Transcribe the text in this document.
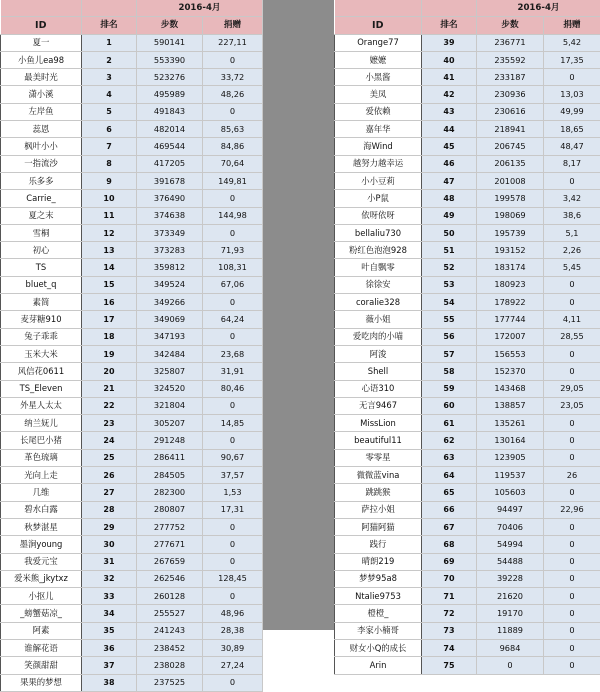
		2016-4月	
ID	排名	步数	捐赠
夏一	1	590141	227,11
小鱼儿ea98	2	553390	0
最美时光	3	523276	33,72
潇小溪	4	495989	48,26
左岸鱼	5	491843	0
蕊恩	6	482014	85,63
枫叶小小	7	469544	84,86
一指流沙	8	417205	70,64
乐多多	9	391678	149,81
Carrie_	10	376490	0
夏之末	11	374638	144,98
雪桐	12	373349	0
初心	13	373283	71,93
TS	14	359812	108,31
bluet_q	15	349524	67,06
素简	16	349266	0
麦芽糖910	17	349069	64,24
兔子乖乖	18	347193	0
玉米大米	19	342484	23,68
风信花0611	20	325807	31,91
TS_Eleven	21	324520	80,46
外星人太太	22	321804	0
纳兰妩儿	23	305207	14,85
长尾巴小猪	24	291248	0
革色琉璃	25	286411	90,67
光向上走	26	284505	37,57
几维	27	282300	1,53
碧水白露	28	280807	17,31
秋梦湛星	29	277752	0
墨涧young	30	277671	0
我爱元宝	31	267659	0
爱米熊_jkytxz	32	262546	128,45
小抠儿	33	260128	0
_螃蟹菇凉_	34	255527	48,96
阿素	35	241243	28,38
谁解花语	36	238452	30,89
笑颜甜甜	37	238028	27,24
果果的梦想	38	237525	0
		2016-4月	
ID	排名	步数	捐赠
Orange77	39	236771	5,42
嬷嬷	40	235592	17,35
小黑酱	41	233187	0
美凤	42	230936	13,03
爱依赖	43	230616	49,99
嘉年华	44	218941	18,65
海Wind	45	206745	48,47
越努力越幸运	46	206135	8,17
小小豆莉	47	201008	0
小P鼠	48	199578	3,42
依呀依呀	49	198069	38,6
bellaliu730	50	195739	5,1
粉红色泡泡928	51	193152	2,26
叶自飘零	52	183174	5,45
徐徐安	53	180923	0
coralie328	54	178922	0
薇小姐	55	177744	4,11
爱吃肉的小喵	56	172007	28,55
阿浚	57	156553	0
Shell	58	152370	0
心语310	59	143468	29,05
无言9467	60	138857	23,05
MissLion	61	135261	0
beautiful11	62	130164	0
零零星	63	123905	0
微微蓝vina	64	119537	26
跳跳猴	65	105603	0
萨拉小姐	66	94497	22,96
阿猫阿猫	67	70406	0
践行	68	54994	0
晴朗219	69	54488	0
梦梦95a8	70	39228	0
Ntalie9753	71	21620	0
橙橙_	72	19170	0
李家小楠哥	73	11889	0
财女小Q的成长	74	9684	0
Arin	75	0	0
